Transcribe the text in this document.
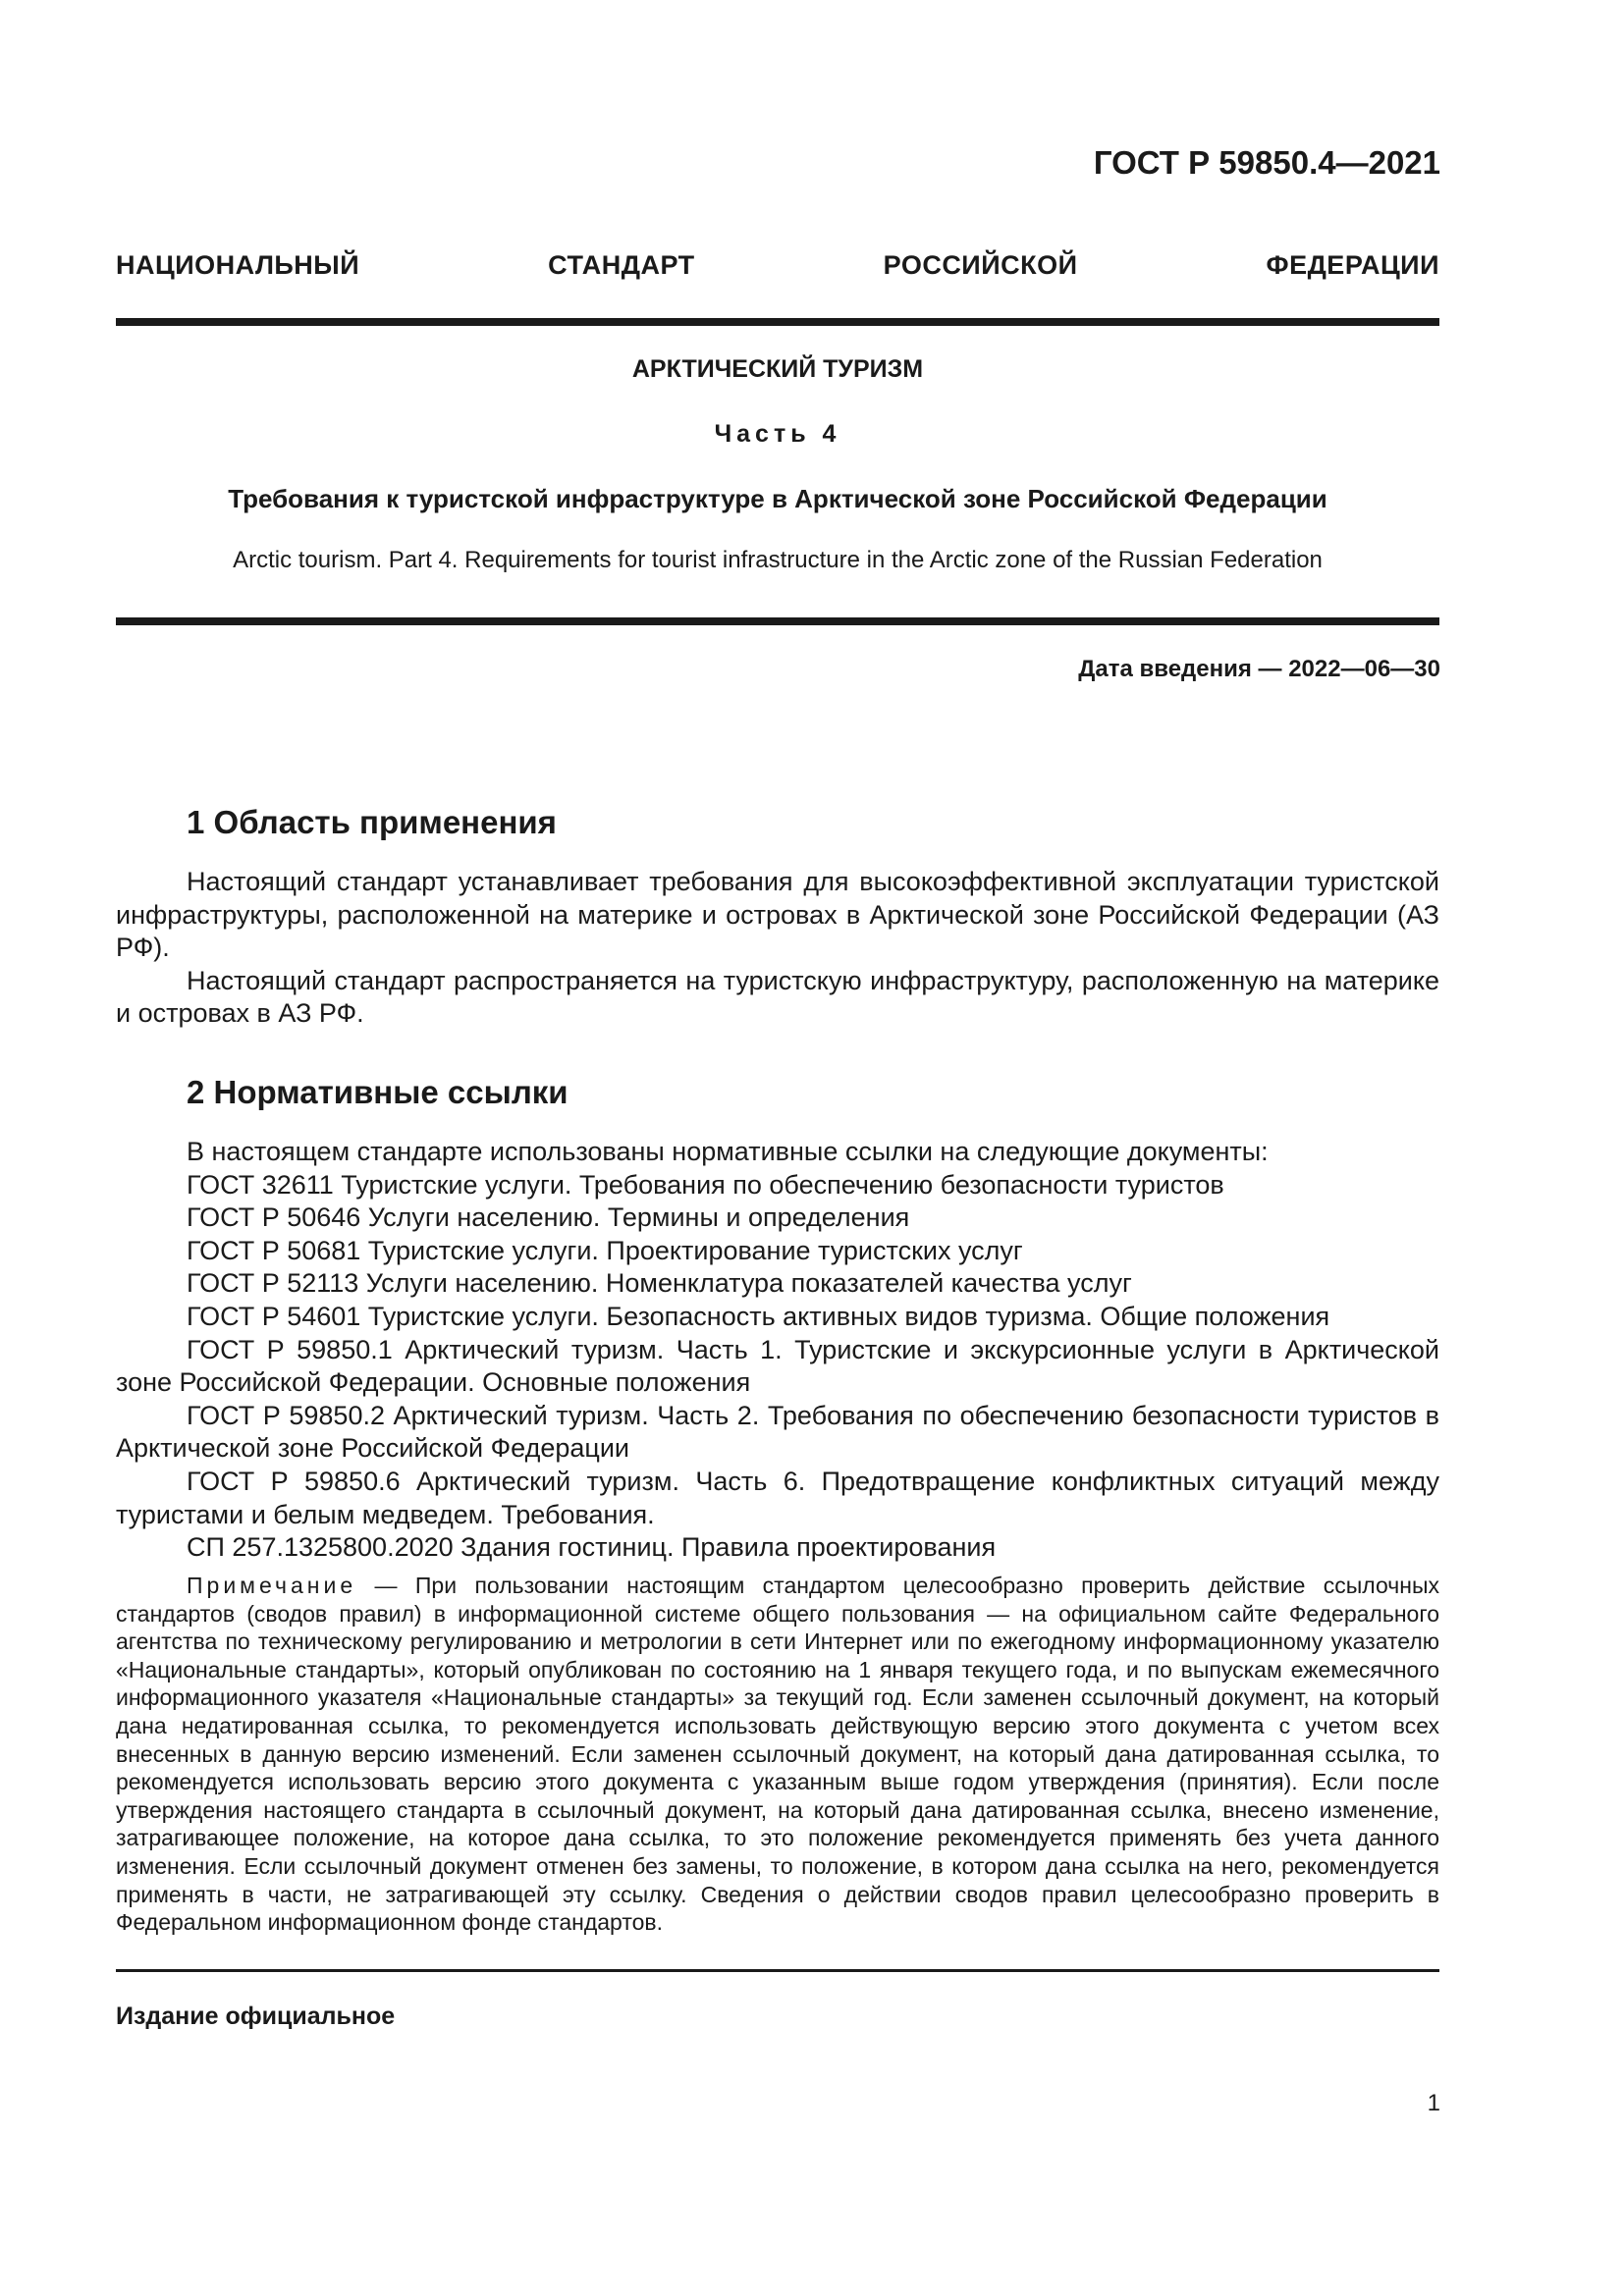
ГОСТ Р 59850.4—2021
НАЦИОНАЛЬНЫЙ СТАНДАРТ РОССИЙСКОЙ ФЕДЕРАЦИИ
АРКТИЧЕСКИЙ ТУРИЗМ
Часть 4
Требования к туристской инфраструктуре в Арктической зоне Российской Федерации
Arctic tourism. Part 4. Requirements for tourist infrastructure in the Arctic zone of the Russian Federation
Дата введения — 2022—06—30
1 Область применения

Настоящий стандарт устанавливает требования для высокоэффективной эксплуатации туристской инфраструктуры, расположенной на материке и островах в Арктической зоне Российской Федерации (АЗ РФ).

Настоящий стандарт распространяется на туристскую инфраструктуру, расположенную на материке и островах в АЗ РФ.

2 Нормативные ссылки

В настоящем стандарте использованы нормативные ссылки на следующие документы:

ГОСТ 32611 Туристские услуги. Требования по обеспечению безопасности туристов

ГОСТ Р 50646 Услуги населению. Термины и определения

ГОСТ Р 50681 Туристские услуги. Проектирование туристских услуг

ГОСТ Р 52113 Услуги населению. Номенклатура показателей качества услуг

ГОСТ Р 54601 Туристские услуги. Безопасность активных видов туризма. Общие положения

ГОСТ Р 59850.1 Арктический туризм. Часть 1. Туристские и экскурсионные услуги в Арктической зоне Российской Федерации. Основные положения

ГОСТ Р 59850.2 Арктический туризм. Часть 2. Требования по обеспечению безопасности туристов в Арктической зоне Российской Федерации

ГОСТ Р 59850.6 Арктический туризм. Часть 6. Предотвращение конфликтных ситуаций между туристами и белым медведем. Требования.

СП 257.1325800.2020 Здания гостиниц. Правила проектирования

Примечание — При пользовании настоящим стандартом целесообразно проверить действие ссылочных стандартов (сводов правил) в информационной системе общего пользования — на официальном сайте Федерального агентства по техническому регулированию и метрологии в сети Интернет или по ежегодному информационному указателю «Национальные стандарты», который опубликован по состоянию на 1 января текущего года, и по выпускам ежемесячного информационного указателя «Национальные стандарты» за текущий год. Если заменен ссылочный документ, на который дана недатированная ссылка, то рекомендуется использовать действующую версию этого документа с учетом всех внесенных в данную версию изменений. Если заменен ссылочный документ, на который дана датированная ссылка, то рекомендуется использовать версию этого документа с указанным выше годом утверждения (принятия). Если после утверждения настоящего стандарта в ссылочный документ, на который дана датированная ссылка, внесено изменение, затрагивающее положение, на которое дана ссылка, то это положение рекомендуется применять без учета данного изменения. Если ссылочный документ отменен без замены, то положение, в котором дана ссылка на него, рекомендуется применять в части, не затрагивающей эту ссылку. Сведения о действии сводов правил целесообразно проверить в Федеральном информационном фонде стандартов.

Издание официальное
1
